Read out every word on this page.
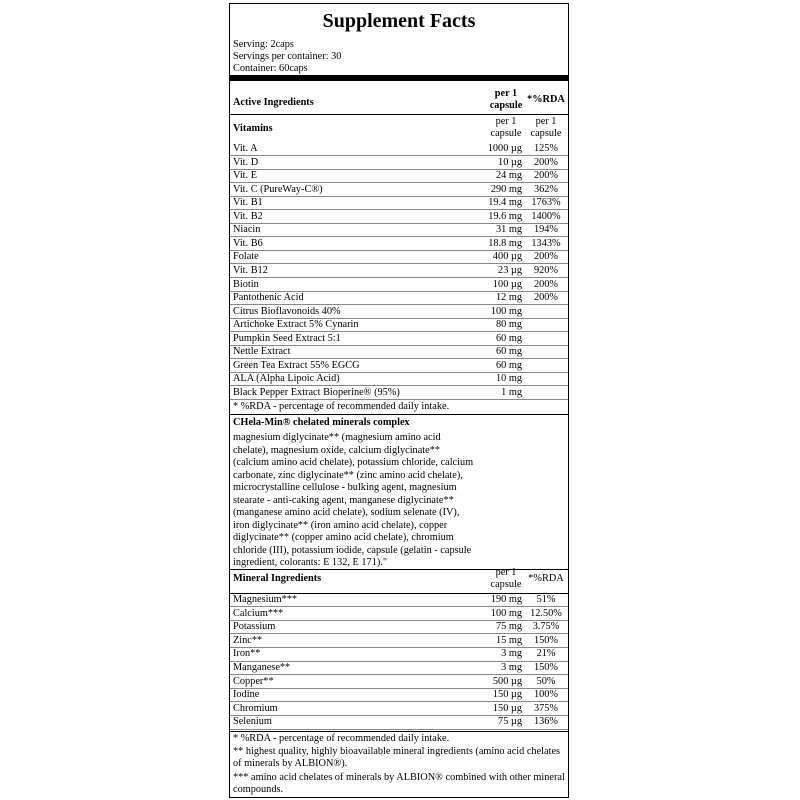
Supplement Facts
Serving: 2caps
Servings per container: 30
Container: 60caps
Active Ingredients
per 1 capsule
*%RDA
Vitamins
per 1 capsule
per 1 capsule
Vit. A	1000 µg	125%
Vit. D	10 µg	200%
Vit. E	24 mg	200%
Vit. C (PureWay-C®)	290 mg	362%
Vit. B1	19.4 mg 1763%
Vit. B2	19.6 mg 1400%
Niacin	31 mg	194%
Vit. B6	18.8 mg 1343%
Folate	400 µg	200%
Vit. B12	23 µg	920%
Biotin	100 µg	200%
Pantothenic Acid	12 mg	200%
Citrus Bioflavonoids 40%	100 mg
Artichoke Extract 5% Cynarin	80 mg
Pumpkin Seed Extract 5:1	60 mg
Nettle Extract	60 mg
Green Tea Extract 55% EGCG	60 mg
ALA (Alpha Lipoic Acid)	10 mg
Black Pepper Extract Bioperine® (95%)	1 mg
* %RDA - percentage of recommended daily intake.
CHela-Min® chelated minerals complex
magnesium diglycinate** (magnesium amino acid
chelate), magnesium oxide, calcium diglycinate**
(calcium amino acid chelate), potassium chloride, calcium
carbonate, zinc diglycinate** (zinc amino acid chelate),
microcrystalline cellulose - bulking agent, magnesium
stearate - anti-caking agent, manganese diglycinate**
(manganese amino acid chelate), sodium selenate (IV),
iron diglycinate** (iron amino acid chelate), copper
diglycinate** (copper amino acid chelate), chromium
chloride (III), potassium iodide, capsule (gelatin - capsule
ingredient, colorants: E 132, E 171)."
Mineral Ingredients
per 1 capsule
*%RDA
Magnesium***	190 mg	51%
Calcium***	100 mg 12.50%
Potassium	75 mg	3.75%
Zinc**	15 mg	150%
Iron**	3 mg	21%
Manganese**	3 mg	150%
Copper**	500 µg	50%
Iodine	150 µg	100%
Chromium	150 µg	375%
Selenium	75 µg	136%
* %RDA - percentage of recommended daily intake.
** highest quality, highly bioavailable mineral ingredients (amino acid chelates of minerals by ALBION®).
*** amino acid chelates of minerals by ALBION® combined with other mineral compounds.
